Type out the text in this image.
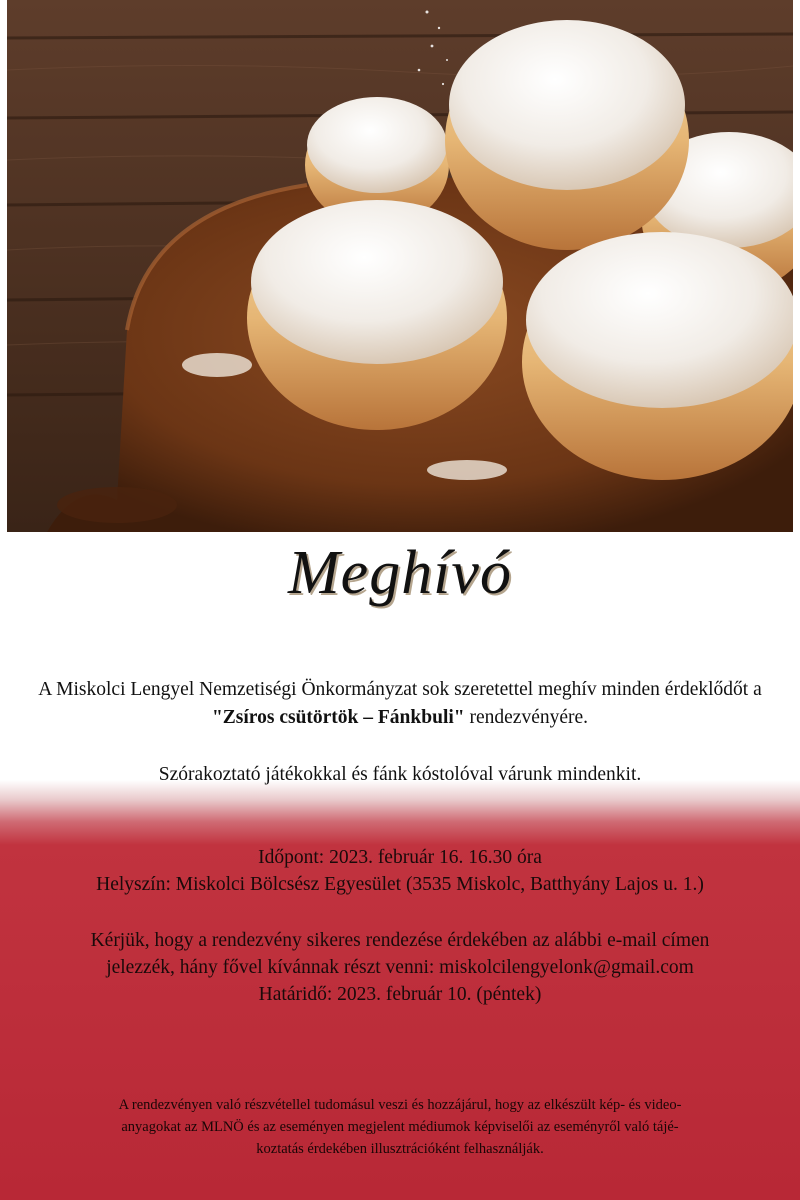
Meghívó
A Miskolci Lengyel Nemzetiségi Önkormányzat sok szeretettel meghív minden érdeklődőt a "Zsíros csütörtök – Fánkbuli" rendezvényére.
Szórakoztató játékokkal és fánk kóstolóval várunk mindenkit.
Időpont: 2023. február 16. 16.30 óra
Helyszín: Miskolci Bölcsész Egyesület (3535 Miskolc, Batthyány Lajos u. 1.)
Kérjük, hogy a rendezvény sikeres rendezése érdekében az alábbi e-mail címen
jelezzék, hány fővel kívánnak részt venni: miskolcilengyelonk@gmail.com
Határidő: 2023. február 10. (péntek)
A rendezvényen való részvétellel tudomásul veszi és hozzájárul, hogy az elkészült kép- és video-
anyagokat az MLNÖ és az eseményen megjelent médiumok képviselői az eseményről való tájé-
koztatás érdekében illusztrációként felhasználják.
